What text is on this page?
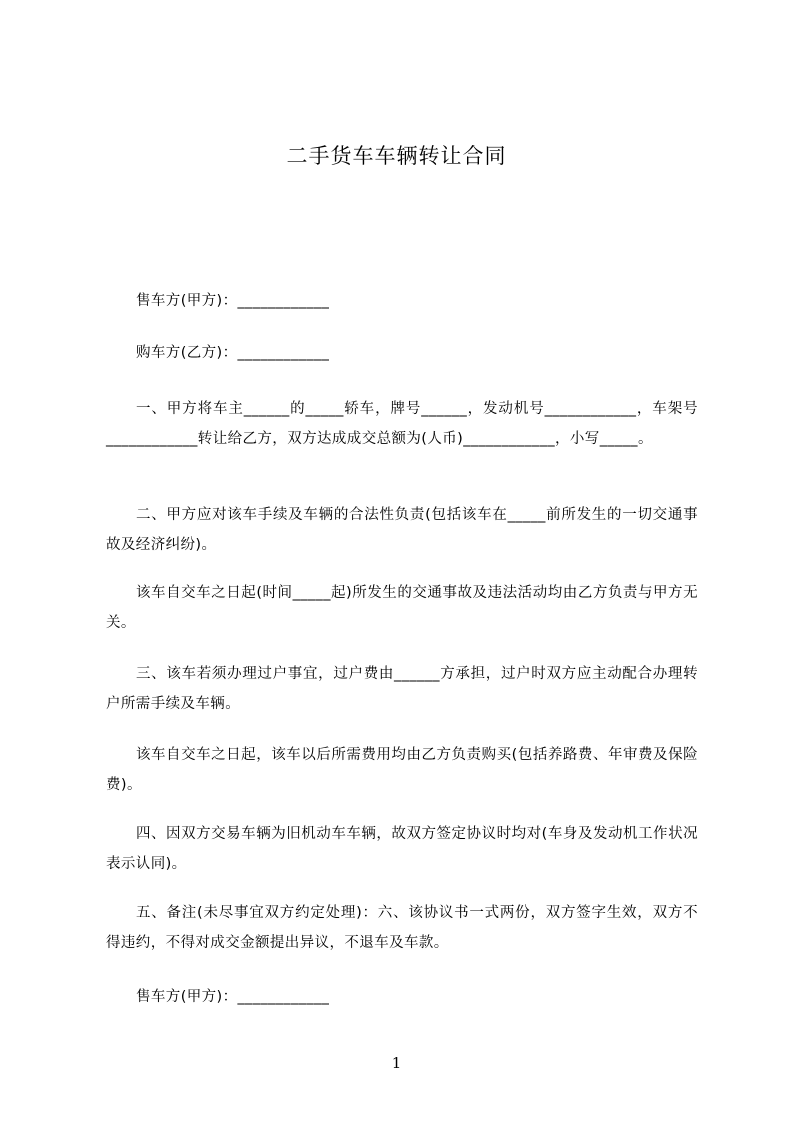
二手货车车辆转让合同

售车方(甲方)：____________

购车方(乙方)：____________

一、甲方将车主______的_____轿车，牌号______，发动机号____________，车架号____________转让给乙方，双方达成成交总额为(人币)____________，小写_____。

二、甲方应对该车手续及车辆的合法性负责(包括该车在_____前所发生的一切交通事故及经济纠纷)。

该车自交车之日起(时间_____起)所发生的交通事故及违法活动均由乙方负责与甲方无关。

三、该车若须办理过户事宜，过户费由______方承担，过户时双方应主动配合办理转户所需手续及车辆。

该车自交车之日起，该车以后所需费用均由乙方负责购买(包括养路费、年审费及保险费)。

四、因双方交易车辆为旧机动车车辆，故双方签定协议时均对(车身及发动机工作状况表示认同)。

五、备注(未尽事宜双方约定处理)：六、该协议书一式两份，双方签字生效，双方不得违约，不得对成交金额提出异议，不退车及车款。

售车方(甲方)：____________

1
